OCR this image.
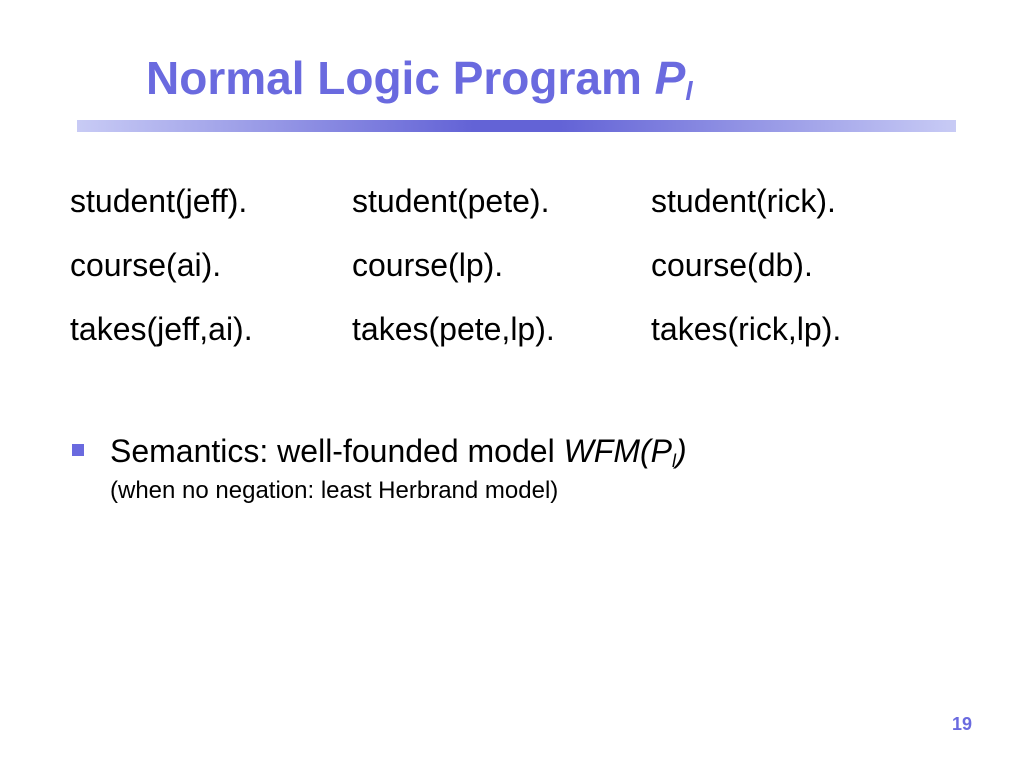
Normal Logic Program $P_l$
student(jeff).	student(pete).	student(rick).
course(ai).	course(lp).	course(db).
takes(jeff,ai).	takes(pete,lp).	takes(rick,lp).
Semantics: well-founded model $WFM(P_l)$
(when no negation: least Herbrand model)
19
